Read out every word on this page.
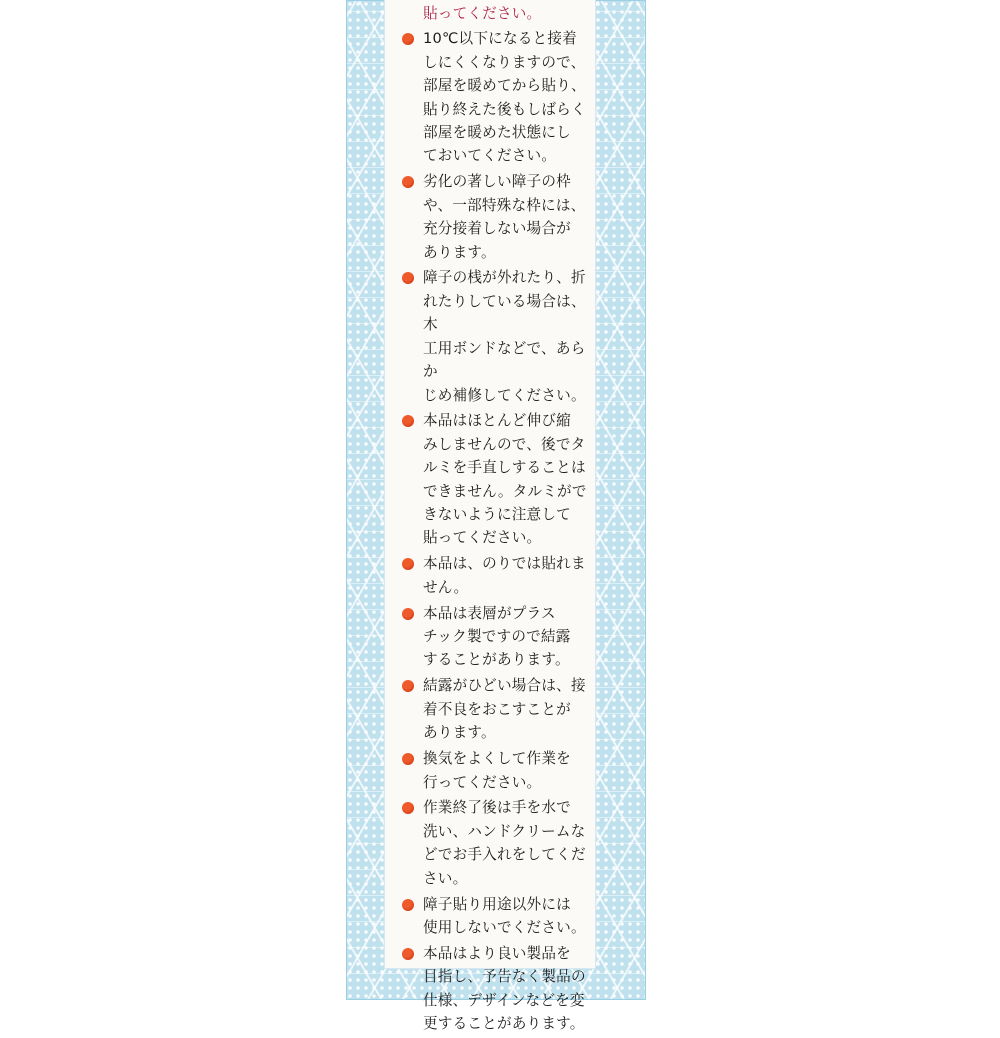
貼ってください。
10℃以下になると接着
しにくくなりますので、
部屋を暖めてから貼り、
貼り終えた後もしばらく
部屋を暖めた状態にし
ておいてください。
劣化の著しい障子の枠
や、一部特殊な枠には、
充分接着しない場合が
あります。
障子の桟が外れたり、折
れたりしている場合は、木
工用ボンドなどで、あらか
じめ補修してください。
本品はほとんど伸び縮
みしませんので、後でタ
ルミを手直しすることは
できません。タルミがで
きないように注意して
貼ってください。
本品は、のりでは貼れま
せん。
本品は表層がプラス
チック製ですので結露
することがあります。
結露がひどい場合は、接
着不良をおこすことが
あります。
換気をよくして作業を
行ってください。
作業終了後は手を水で
洗い、ハンドクリームな
どでお手入れをしてくだ
さい。
障子貼り用途以外には
使用しないでください。
本品はより良い製品を
目指し、予告なく製品の
仕様、デザインなどを変
更することがあります。
